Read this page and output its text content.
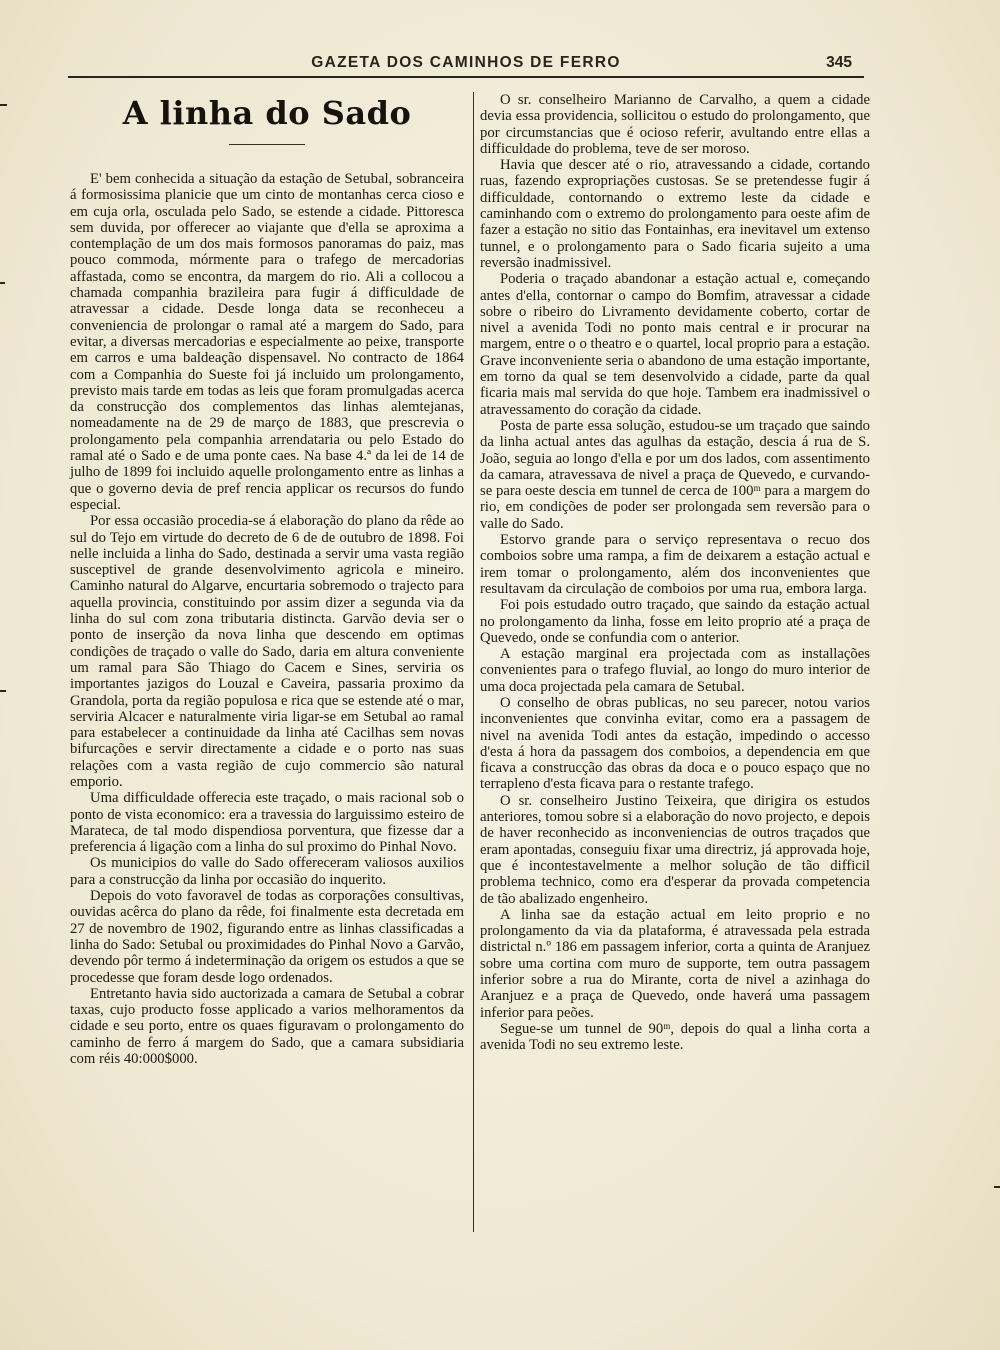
GAZETA DOS CAMINHOS DE FERRO	345
A linha do Sado

E' bem conhecida a situação da estação de Setubal, sobranceira á formosissima planicie que um cinto de montanhas cerca cioso e em cuja orla, osculada pelo Sado, se estende a cidade. Pittoresca sem duvida, por offerecer ao viajante que d'ella se aproxima a contemplação de um dos mais formosos panoramas do paiz, mas pouco commoda, mórmente para o trafego de mercadorias affastada, como se encontra, da margem do rio. Ali a collocou a chamada companhia brazileira para fugir á difficuldade de atravessar a cidade. Desde longa data se reconheceu a conveniencia de prolongar o ramal até a margem do Sado, para evitar, a diversas mercadorias e especialmente ao peixe, transporte em carros e uma baldeação dispensavel. No contracto de 1864 com a Companhia do Sueste foi já incluido um prolongamento, previsto mais tarde em todas as leis que foram promulgadas acerca da construcção dos complementos das linhas alemtejanas, nomeadamente na de 29 de março de 1883, que prescrevia o prolongamento pela companhia arrendataria ou pelo Estado do ramal até o Sado e de uma ponte caes. Na base 4.ª da lei de 14 de julho de 1899 foi incluido aquelle prolongamento entre as linhas a que o governo devia de pref rencia applicar os recursos do fundo especial.

Por essa occasião procedia-se á elaboração do plano da rêde ao sul do Tejo em virtude do decreto de 6 de de outubro de 1898. Foi nelle incluida a linha do Sado, destinada a servir uma vasta região susceptivel de grande desenvolvimento agricola e mineiro. Caminho natural do Algarve, encurtaria sobremodo o trajecto para aquella provincia, constituindo por assim dizer a segunda via da linha do sul com zona tributaria distincta. Garvão devia ser o ponto de inserção da nova linha que descendo em optimas condições de traçado o valle do Sado, daria em altura conveniente um ramal para São Thiago do Cacem e Sines, serviria os importantes jazigos do Louzal e Caveira, passaria proximo da Grandola, porta da região populosa e rica que se estende até o mar, serviria Alcacer e naturalmente viria ligar-se em Setubal ao ramal para estabelecer a continuidade da linha até Cacilhas sem novas bifurcações e servir directamente a cidade e o porto nas suas relações com a vasta região de cujo commercio são natural emporio.

Uma difficuldade offerecia este traçado, o mais racional sob o ponto de vista economico: era a travessia do larguissimo esteiro de Marateca, de tal modo dispendiosa porventura, que fizesse dar a preferencia á ligação com a linha do sul proximo do Pinhal Novo.

Os municipios do valle do Sado offereceram valiosos auxilios para a construcção da linha por occasião do inquerito.

Depois do voto favoravel de todas as corporações consultivas, ouvidas acêrca do plano da rêde, foi finalmente esta decretada em 27 de novembro de 1902, figurando entre as linhas classificadas a linha do Sado: Setubal ou proximidades do Pinhal Novo a Garvão, devendo pôr termo á indeterminação da origem os estudos a que se procedesse que foram desde logo ordenados.

Entretanto havia sido auctorizada a camara de Setubal a cobrar taxas, cujo producto fosse applicado a varios melhoramentos da cidade e seu porto, entre os quaes figuravam o prolongamento do caminho de ferro á margem do Sado, que a camara subsidiaria com réis 40:000$000.

O sr. conselheiro Marianno de Carvalho, a quem a cidade devia essa providencia, sollicitou o estudo do prolongamento, que por circumstancias que é ocioso referir, avultando entre ellas a difficuldade do problema, teve de ser moroso.

Havia que descer até o rio, atravessando a cidade, cortando ruas, fazendo expropriações custosas. Se se pretendesse fugir á difficuldade, contornando o extremo leste da cidade e caminhando com o extremo do prolongamento para oeste afim de fazer a estação no sitio das Fontainhas, era inevitavel um extenso tunnel, e o prolongamento para o Sado ficaria sujeito a uma reversão inadmissivel.

Poderia o traçado abandonar a estação actual e, começando antes d'ella, contornar o campo do Bomfim, atravessar a cidade sobre o ribeiro do Livramento devidamente coberto, cortar de nivel a avenida Todi no ponto mais central e ir procurar na margem, entre o o theatro e o quartel, local proprio para a estação. Grave inconveniente seria o abandono de uma estação importante, em torno da qual se tem desenvolvido a cidade, parte da qual ficaria mais mal servida do que hoje. Tambem era inadmissivel o atravessamento do coração da cidade.

Posta de parte essa solução, estudou-se um traçado que saindo da linha actual antes das agulhas da estação, descia á rua de S. João, seguia ao longo d'ella e por um dos lados, com assentimento da camara, atravessava de nivel a praça de Quevedo, e curvando-se para oeste descia em tunnel de cerca de 100ᵐ para a margem do rio, em condições de poder ser prolongada sem reversão para o valle do Sado.

Estorvo grande para o serviço representava o recuo dos comboios sobre uma rampa, a fim de deixarem a estação actual e irem tomar o prolongamento, além dos inconvenientes que resultavam da circulação de comboios por uma rua, embora larga.

Foi pois estudado outro traçado, que saindo da estação actual no prolongamento da linha, fosse em leito proprio até a praça de Quevedo, onde se confundia com o anterior.

A estação marginal era projectada com as installações convenientes para o trafego fluvial, ao longo do muro interior de uma doca projectada pela camara de Setubal.

O conselho de obras publicas, no seu parecer, notou varios inconvenientes que convinha evitar, como era a passagem de nivel na avenida Todi antes da estação, impedindo o accesso d'esta á hora da passagem dos comboios, a dependencia em que ficava a construcção das obras da doca e o pouco espaço que no terrapleno d'esta ficava para o restante trafego.

O sr. conselheiro Justino Teixeira, que dirigira os estudos anteriores, tomou sobre si a elaboração do novo projecto, e depois de haver reconhecido as inconveniencias de outros traçados que eram apontadas, conseguiu fixar uma directriz, já approvada hoje, que é incontestavelmente a melhor solução de tão difficil problema technico, como era d'esperar da provada competencia de tão abalizado engenheiro.

A linha sae da estação actual em leito proprio e no prolongamento da via da plataforma, é atravessada pela estrada districtal n.º 186 em passagem inferior, corta a quinta de Aranjuez sobre uma cortina com muro de supporte, tem outra passagem inferior sobre a rua do Mirante, corta de nivel a azinhaga do Aranjuez e a praça de Quevedo, onde haverá uma passagem inferior para peões.

Segue-se um tunnel de 90ᵐ, depois do qual a linha corta a avenida Todi no seu extremo leste.
